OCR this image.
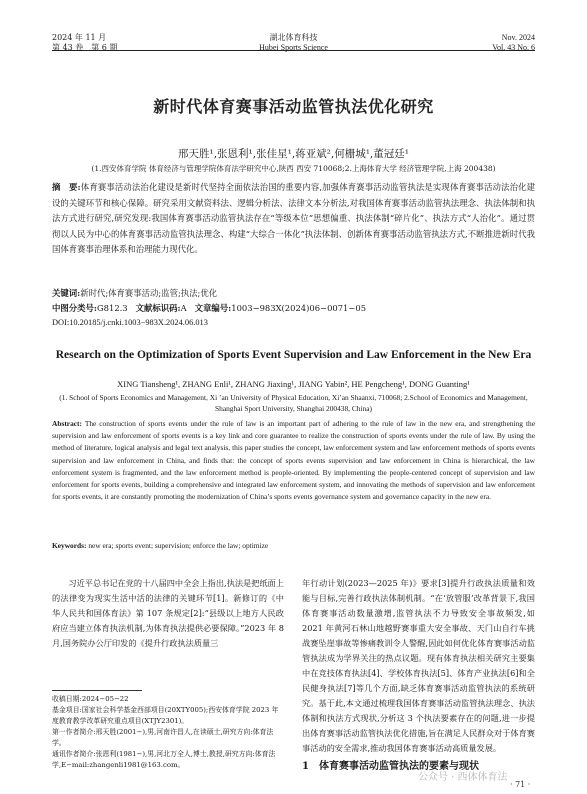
2024 年 11 月
第 43 卷　第 6 期
湖北体育科技
Hubei Sports Science
Nov. 2024
Vol. 43 No. 6
新时代体育赛事活动监管执法优化研究
邢天胜¹,张恩利¹,张佳星¹,蒋亚斌²,何栅城¹,董冠廷¹
(1.西安体育学院 体育经济与管理学院体育法学研究中心,陕西 西安 710068;2.上海体育大学 经济管理学院,上海 200438)
摘　要:体育赛事活动法治化建设是新时代坚持全面依法治国的重要内容,加强体育赛事活动监管执法是实现体育赛事活动法治化建设的关键环节和核心保障。研究采用文献资料法、逻辑分析法、法律文本分析法,对我国体育赛事活动监管执法理念、执法体制和执法方式进行研究,研究发现:我国体育赛事活动监管执法存在“等级本位”思想偏重、执法体制“碎片化”、执法方式“人治化”。通过贯彻以人民为中心的体育赛事活动监管执法理念、构建“大综合一体化”执法体制、创新体育赛事活动监管执法方式,不断推进新时代我国体育赛事治理体系和治理能力现代化。
关键词:新时代;体育赛事活动;监管;执法;优化
中图分类号:G812.3 文献标识码:A 文章编号:1003−983X(2024)06−0071−05
DOI:10.20185/j.cnki.1003−983X.2024.06.013
Research on the Optimization of Sports Event Supervision and Law Enforcement in the New Era
XING Tiansheng¹, ZHANG Enli¹, ZHANG Jiaxing¹, JIANG Yabin², HE Pengcheng¹, DONG Guanting¹
(1. School of Sports Economics and Management, Xi ’an University of Physical Education, Xi’an Shaanxi, 710068; 2.School of Economics and Management, Shanghai Sport University, Shanghai 200438, China)
Abstract: The construction of sports events under the rule of law is an important part of adhering to the rule of law in the new era, and strengthening the supervision and law enforcement of sports events is a key link and core guarantee to realize the construction of sports events under the rule of law. By using the method of literature, logical analysis and legal text analysis, this paper studies the concept, law enforcement system and law enforcement methods of sports events supervision and law enforcement in China, and finds that: the concept of sports events supervision and law enforcement in China is hierarchical, the law enforcement system is fragmented, and the law enforcement method is people-oriented. By implementing the people-centered concept of supervision and law enforcement for sports events, building a comprehensive and integrated law enforcement system, and innovating the methods of supervision and law enforcement for sports events, it are constantly promoting the modernization of China’s sports events governance system and governance capacity in the new era.
Keywords: new era; sports event; supervision; enforce the law; optimize
习近平总书记在党的十八届四中全会上指出,执法是把纸面上的法律变为现实生活中活的法律的关键环节[1]。新修订的《中华人民共和国体育法》第 107 条规定[2]:“县级以上地方人民政府应当建立体育执法机制,为体育执法提供必要保障。”2023 年 8 月,国务院办公厅印发的《提升行政执法质量三
年行动计划(2023—2025 年)》要求[3]提升行政执法质量和效能与目标,完善行政执法体制机制。“在‘放管服’改革背景下,我国体育赛事活动数量激增,监管执法不力导致安全事故频发,如 2021 年黄河石林山地越野赛事重大安全事故、天门山自行车挑战赛坠崖事故等惨痛教训令人警醒,因此如何优化体育赛事活动监管执法成为学界关注的热点议题。现有体育执法相关研究主要集中在竞技体育执法[4]、学校体育执法[5]、体育产业执法[6]和全民健身执法[7]等几个方面,缺乏体育赛事活动监管执法的系统研究。基于此,本文通过梳理我国体育赛事活动监管执法理念、执法体制和执法方式现状,分析这 3 个执法要素存在的问题,进一步提出体育赛事活动监管执法优化措施,旨在满足人民群众对于体育赛事活动的安全需求,推动我国体育赛事活动高质量发展。
收稿日期:2024−05−22
基金项目:国家社会科学基金西部项目(20XTY005);西安体育学院 2023 年度教育教学改革研究重点项目(XTJY2301)。
第一作者简介:邢天胜(2001−),男,河南许昌人,在读硕士,研究方向:体育法学。
通讯作者简介:张恩利(1981−),男,河北万全人,博士,教授,研究方向:体育法学,E−mail:zhangenli1981@163.com。	1　体育赛事活动监管执法的要素与现状
公众号 · 西体体育法
· 71 ·
